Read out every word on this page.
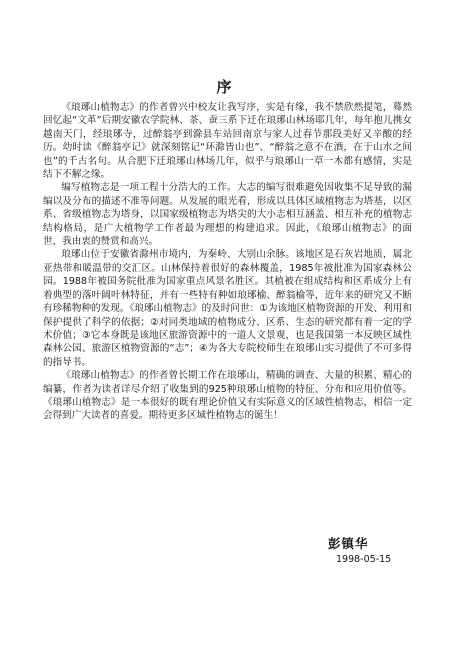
序

《琅琊山植物志》的作者曾兴中校友让我写序，实是有缘，我不禁欣然提笔，蓦然回忆起“文革”后期安徽农学院林、茶、蚕三系下迁在琅琊山林场耶几年，每年抱儿携女越南天门，经琅琊寺，过醉翁亭到滁县车站回南京与家人过春节那段美好又辛酸的经历。幼时读《醉翁亭记》就深刻铭记“环滁皆山也”、“醉翁之意不在酒，在于山水之间也”的千古名句。从合肥下迁琅琊山林场几年，似乎与琅琊山一草一木都有感情，实是结下不解之缘。

编写植物志是一项工程十分浩大的工作。大志的编写很难避免因收集不足导致的漏编以及分布的描述不准等问题。从发展的眼光看，形成以具体区域植物志为塔基，以区系、省级植物志为塔身，以国家级植物志为塔尖的大小志相互涵盖、相互补充的植物志结构格局，是广大植物学工作者最为理想的构建追求。因此，《琅琊山植物志》的面世，我由衷的赞赏和高兴。

琅琊山位于安徽省滁州市境内，为秦岭、大别山余脉。该地区是石灰岩地质，属北亚热带和暖温带的交汇区。山林保持着很好的森林覆盖，1985年被批准为国家森林公园。1988年被国务院批准为国家重点风景名胜区。其植被在组成结构和区系成分上有着典型的落叶阔叶林特征，并有一些特有种如琅琊榆、醉翁榆等，近年来的研究又不断有珍稀物种的发现。《琅琊山植物志》的及时问世：①为该地区植物资源的开发、利用和保护提供了科学的依据；②对同类地域的植物成分、区系、生态的研究都有着一定的学术价值；③它本身既是该地区旅游资源中的一道人文景观，也是我国第一本反映区域性森林公园、旅游区植物资源的“志”；④为各大专院校师生在琅琊山实习提供了不可多得的指导书。

《琅琊山植物志》的作者曾长期工作在琅琊山，精确的调查、大量的积累、精心的编纂，作者为读者详尽介绍了收集到的925种琅琊山植物的特征、分布和应用价值等。《琅琊山植物志》是一本很好的既有理论价值又有实际意义的区域性植物志，相信一定会得到广大读者的喜爱。期待更多区域性植物志的诞生！

彭镇华
1998-05-15
